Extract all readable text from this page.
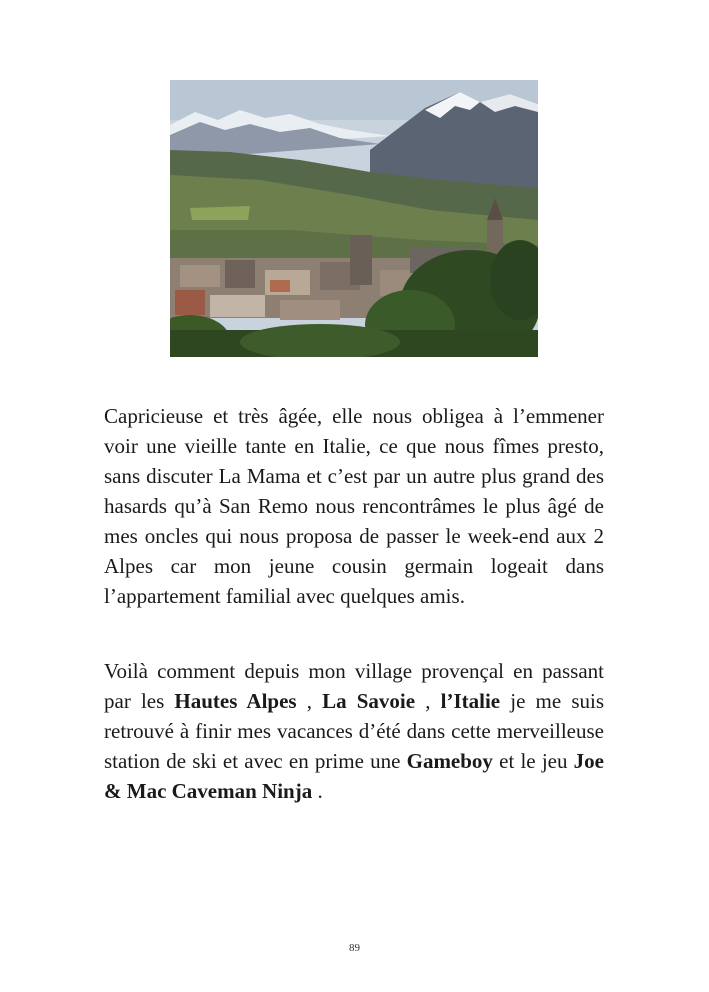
Capricieuse et très âgée, elle nous obligea à l’emmener voir une vieille tante en Italie, ce que nous fîmes presto, sans discuter La Mama et c’est par un autre plus grand des hasards qu’à San Remo nous rencontrâmes le plus âgé de mes oncles qui nous proposa de passer le week-end aux 2 Alpes car mon jeune cousin germain logeait dans l’appartement familial avec quelques amis.

Voilà comment depuis mon village provençal en passant par les Hautes Alpes , La Savoie , l’Italie je me suis retrouvé à finir mes vacances d’été dans cette merveilleuse station de ski et avec en prime une Gameboy et le jeu Joe & Mac Caveman Ninja .

89
